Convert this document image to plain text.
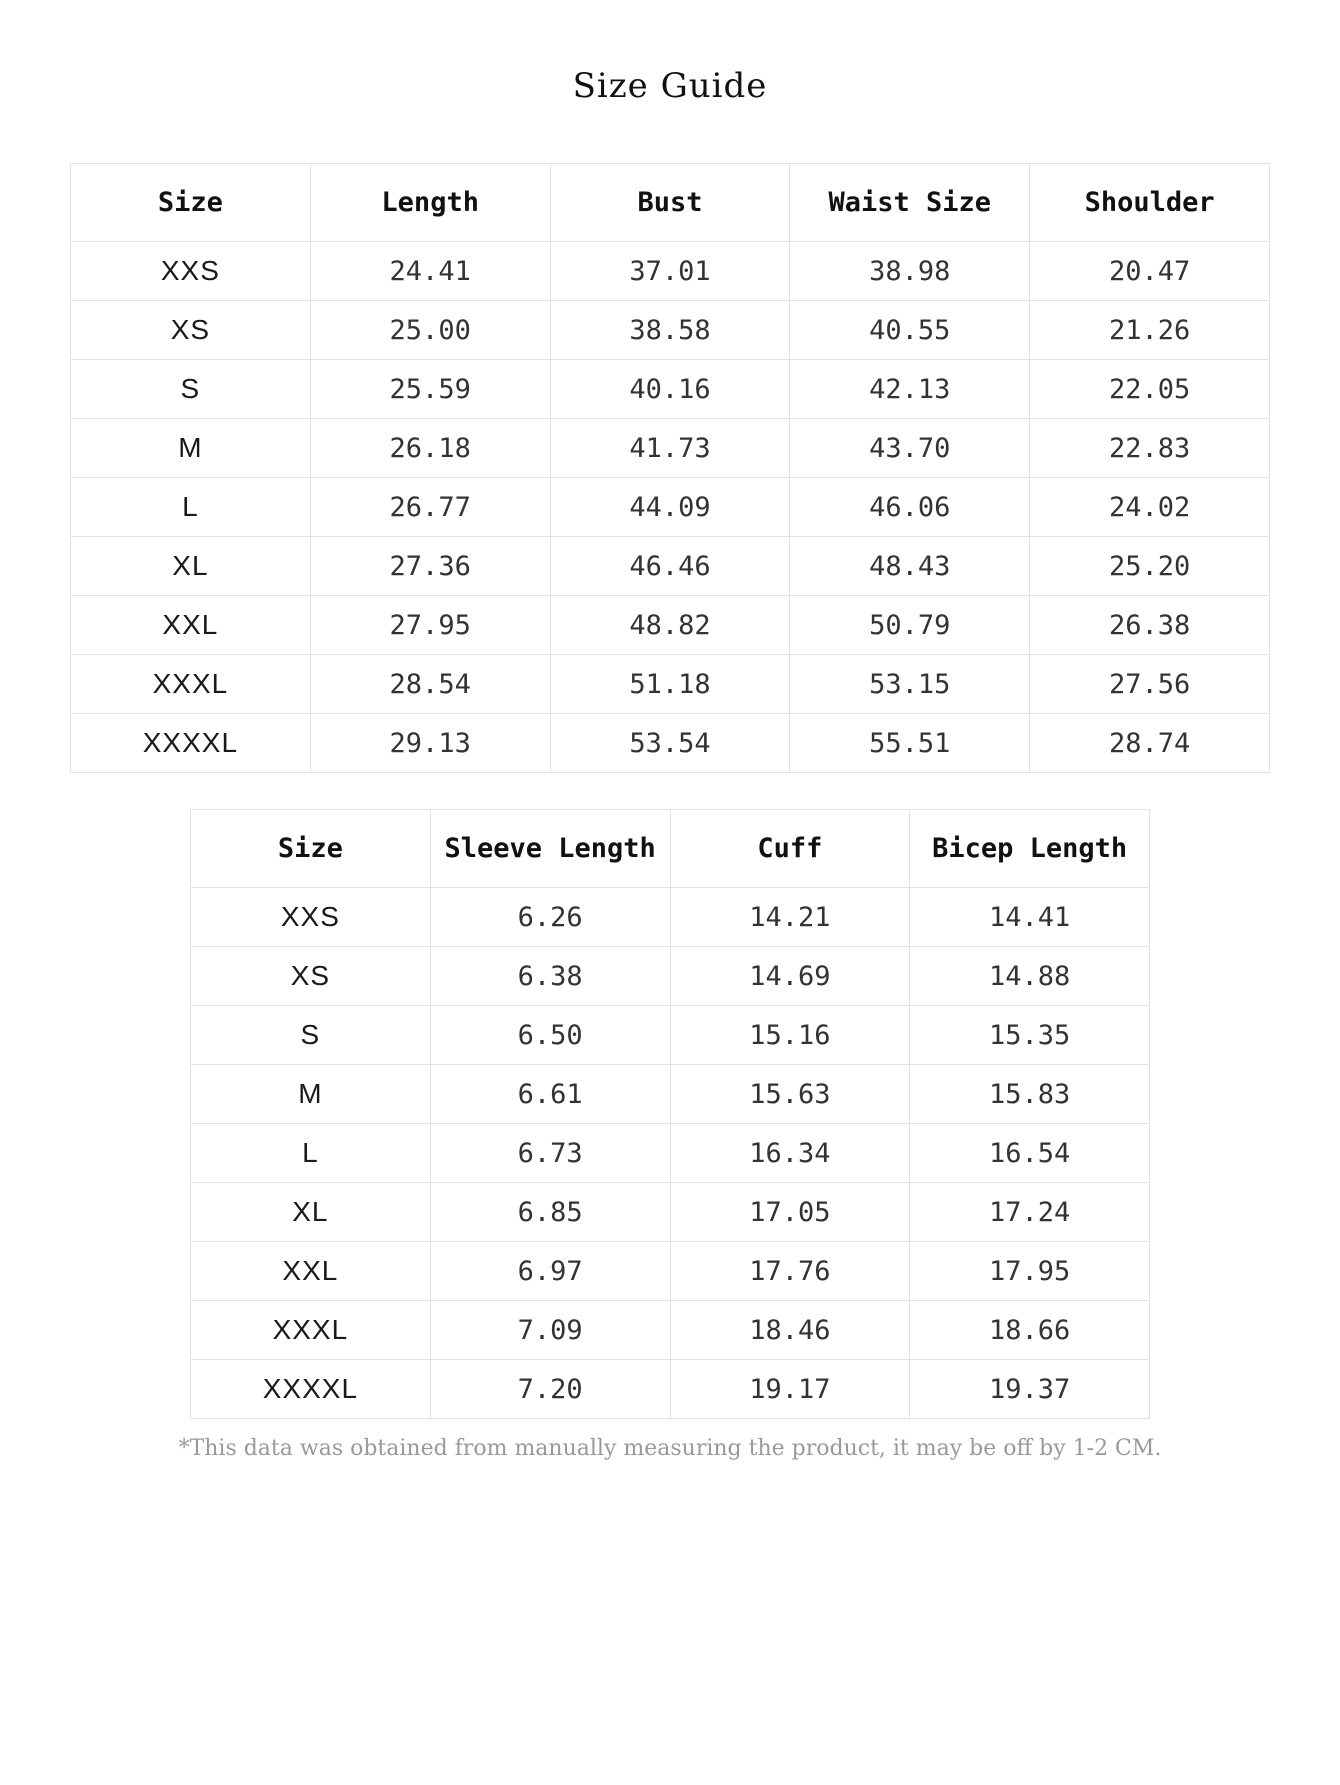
Size Guide
Size	Length	Bust	Waist Size	Shoulder
XXS	24.41	37.01	38.98	20.47
XS	25.00	38.58	40.55	21.26
S	25.59	40.16	42.13	22.05
M	26.18	41.73	43.70	22.83
L	26.77	44.09	46.06	24.02
XL	27.36	46.46	48.43	25.20
XXL	27.95	48.82	50.79	26.38
XXXL	28.54	51.18	53.15	27.56
XXXXL	29.13	53.54	55.51	28.74
Size	Sleeve Length	Cuff	Bicep Length
XXS	6.26	14.21	14.41
XS	6.38	14.69	14.88
S	6.50	15.16	15.35
M	6.61	15.63	15.83
L	6.73	16.34	16.54
XL	6.85	17.05	17.24
XXL	6.97	17.76	17.95
XXXL	7.09	18.46	18.66
XXXXL	7.20	19.17	19.37
*This data was obtained from manually measuring the product, it may be off by 1-2 CM.
